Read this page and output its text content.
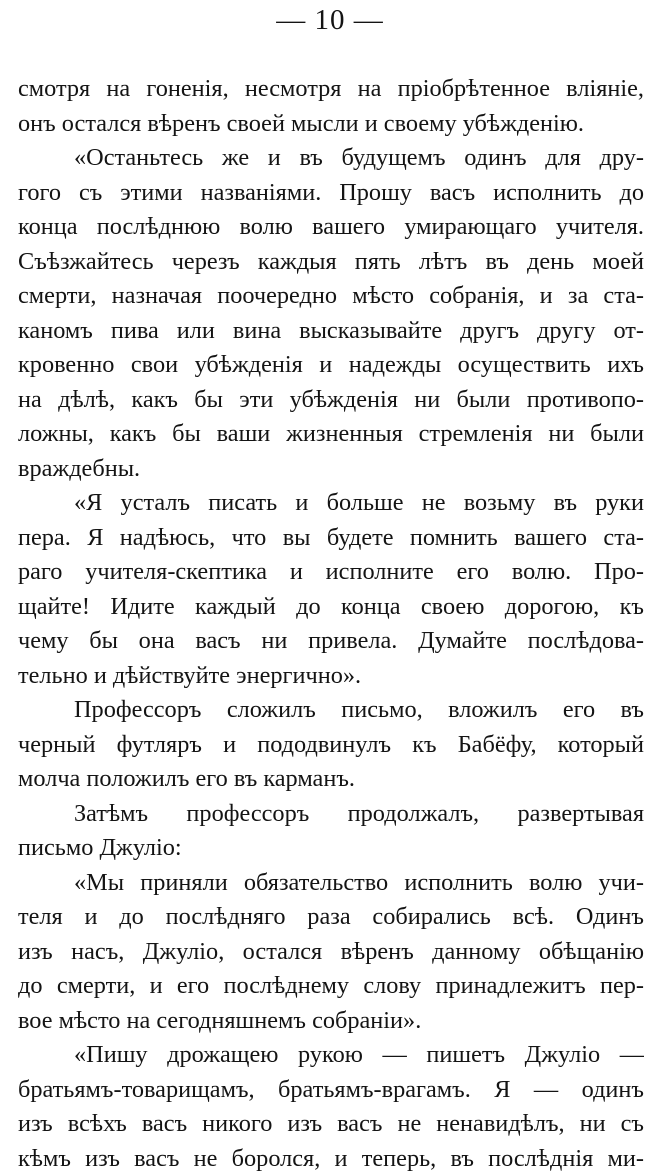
— 10 —
смотря на гоненія, несмотря на пріобрѣтенное вліяніе,
онъ остался вѣренъ своей мысли и своему убѣжденію.
«Останьтесь же и въ будущемъ одинъ для дру-
гого съ этими названіями. Прошу васъ исполнить до
конца послѣднюю волю вашего умирающаго учителя.
Съѣзжайтесь черезъ каждыя пять лѣтъ въ день моей
смерти, назначая поочередно мѣсто собранія, и за ста-
каномъ пива или вина высказывайте другъ другу от-
кровенно свои убѣжденія и надежды осуществить ихъ
на дѣлѣ, какъ бы эти убѣжденія ни были противопо-
ложны, какъ бы ваши жизненныя стремленія ни были
враждебны.
«Я усталъ писать и больше не возьму въ руки
пера. Я надѣюсь, что вы будете помнить вашего ста-
раго учителя-скептика и исполните его волю. Про-
щайте! Идите каждый до конца своею дорогою, къ
чему бы она васъ ни привела. Думайте послѣдова-
тельно и дѣйствуйте энергично».
Профессоръ сложилъ письмо, вложилъ его въ
черный футляръ и пододвинулъ къ Бабёфу, который
молча положилъ его въ карманъ.
Затѣмъ профессоръ продолжалъ, развертывая
письмо Джуліо:
«Мы приняли обязательство исполнить волю учи-
теля и до послѣдняго раза собирались всѣ. Одинъ
изъ насъ, Джуліо, остался вѣренъ данному обѣщанію
до смерти, и его послѣднему слову принадлежитъ пер-
вое мѣсто на сегодняшнемъ собраніи».
«Пишу дрожащею рукою — пишетъ Джуліо —
братьямъ-товарищамъ, братьямъ-врагамъ. Я — одинъ
изъ всѣхъ васъ никого изъ васъ не ненавидѣлъ, ни съ
кѣмъ изъ васъ не боролся, и теперь, въ послѣднія ми-
